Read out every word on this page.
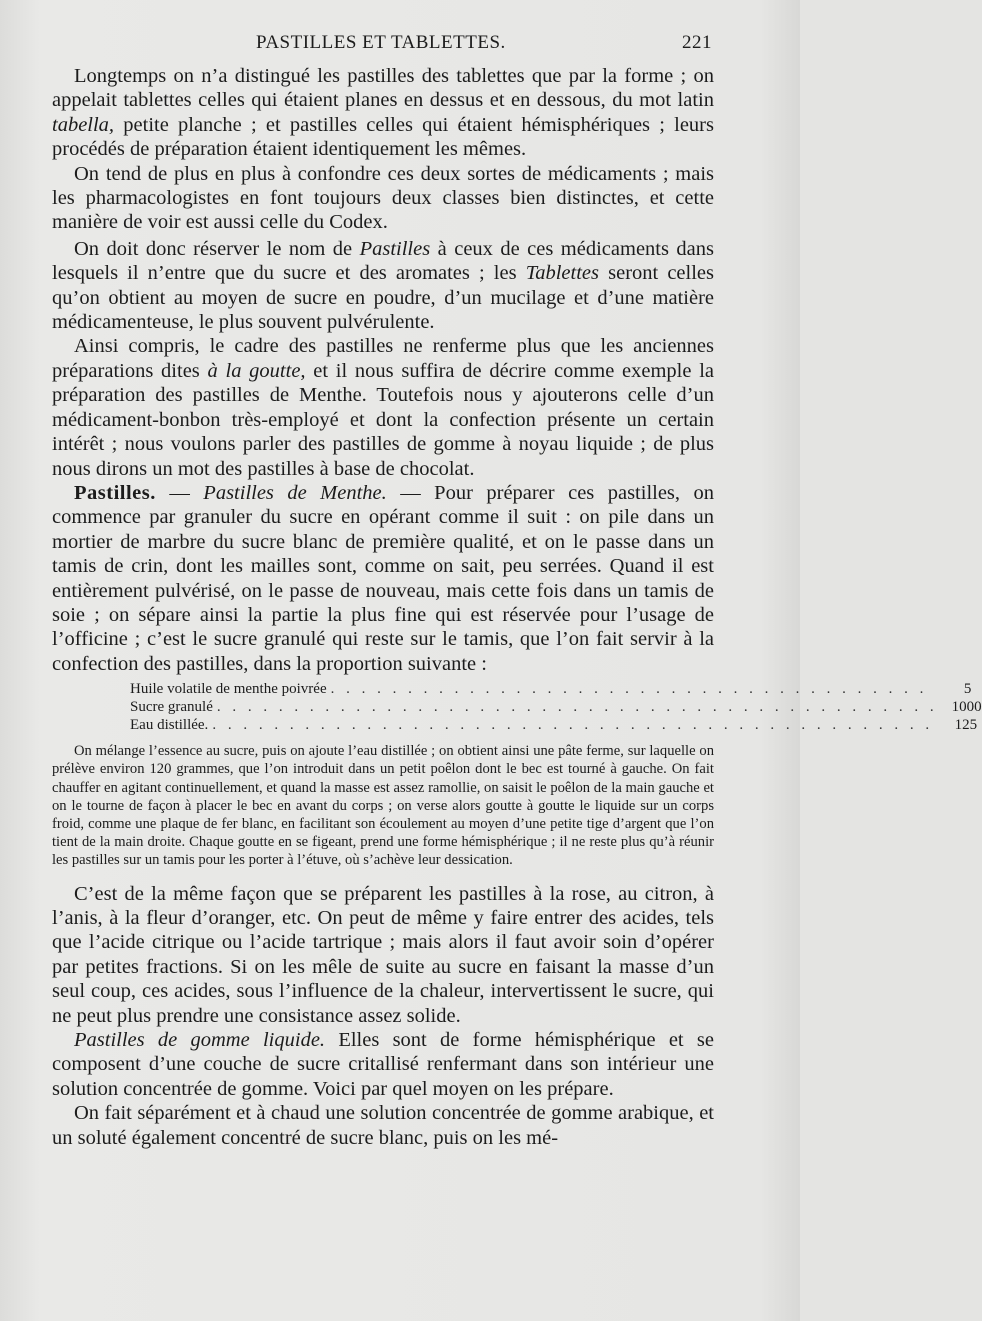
PASTILLES ET TABLETTES.	221

Longtemps on n’a distingué les pastilles des tablettes que par la forme ; on appelait tablettes celles qui étaient planes en dessus et en dessous, du mot latin tabella, petite planche ; et pastilles celles qui étaient hémisphériques ; leurs procédés de préparation étaient identiquement les mêmes.

On tend de plus en plus à confondre ces deux sortes de médicaments ; mais les pharmacologistes en font toujours deux classes bien distinctes, et cette manière de voir est aussi celle du Codex.

On doit donc réserver le nom de Pastilles à ceux de ces médicaments dans lesquels il n’entre que du sucre et des aromates ; les Tablettes seront celles qu’on obtient au moyen de sucre en poudre, d’un mucilage et d’une matière médicamenteuse, le plus souvent pulvérulente.

Ainsi compris, le cadre des pastilles ne renferme plus que les anciennes préparations dites à la goutte, et il nous suffira de décrire comme exemple la préparation des pastilles de Menthe. Toutefois nous y ajouterons celle d’un médicament-bonbon très-employé et dont la confection présente un certain intérêt ; nous voulons parler des pastilles de gomme à noyau liquide ; de plus nous dirons un mot des pastilles à base de chocolat.

Pastilles. — Pastilles de Menthe. — Pour préparer ces pastilles, on commence par granuler du sucre en opérant comme il suit : on pile dans un mortier de marbre du sucre blanc de première qualité, et on le passe dans un tamis de crin, dont les mailles sont, comme on sait, peu serrées. Quand il est entièrement pulvérisé, on le passe de nouveau, mais cette fois dans un tamis de soie ; on sépare ainsi la partie la plus fine qui est réservée pour l’usage de l’officine ; c’est le sucre granulé qui reste sur le tamis, que l’on fait servir à la confection des pastilles, dans la proportion suivante :

Huile volatile de menthe poivrée . . . . . . . . . . . . . . . . . . . . . . . . . . . . . . . . . . . . . . .	5
Sucre granulé . . . . . . . . . . . . . . . . . . . . . . . . . . . . . . . . . . . . . . . . . . . . . . . 1000
Eau distillée. . . . . . . . . . . . . . . . . . . . . . . . . . . . . . . . . . . . . . . . . . . . . . . .	125

On mélange l’essence au sucre, puis on ajoute l’eau distillée ; on obtient ainsi une pâte ferme, sur laquelle on prélève environ 120 grammes, que l’on introduit dans un petit poêlon dont le bec est tourné à gauche. On fait chauffer en agitant continuellement, et quand la masse est assez ramollie, on saisit le poêlon de la main gauche et on le tourne de façon à placer le bec en avant du corps ; on verse alors goutte à goutte le liquide sur un corps froid, comme une plaque de fer blanc, en facilitant son écoulement au moyen d’une petite tige d’argent que l’on tient de la main droite. Chaque goutte en se figeant, prend une forme hémisphérique ; il ne reste plus qu’à réunir les pastilles sur un tamis pour les porter à l’étuve, où s’achève leur dessication.

C’est de la même façon que se préparent les pastilles à la rose, au citron, à l’anis, à la fleur d’oranger, etc. On peut de même y faire entrer des acides, tels que l’acide citrique ou l’acide tartrique ; mais alors il faut avoir soin d’opérer par petites fractions. Si on les mêle de suite au sucre en faisant la masse d’un seul coup, ces acides, sous l’influence de la chaleur, intervertissent le sucre, qui ne peut plus prendre une consistance assez solide.

Pastilles de gomme liquide. Elles sont de forme hémisphérique et se composent d’une couche de sucre critallisé renfermant dans son intérieur une solution concentrée de gomme. Voici par quel moyen on les prépare.

On fait séparément et à chaud une solution concentrée de gomme arabique, et un soluté également concentré de sucre blanc, puis on les mé-
